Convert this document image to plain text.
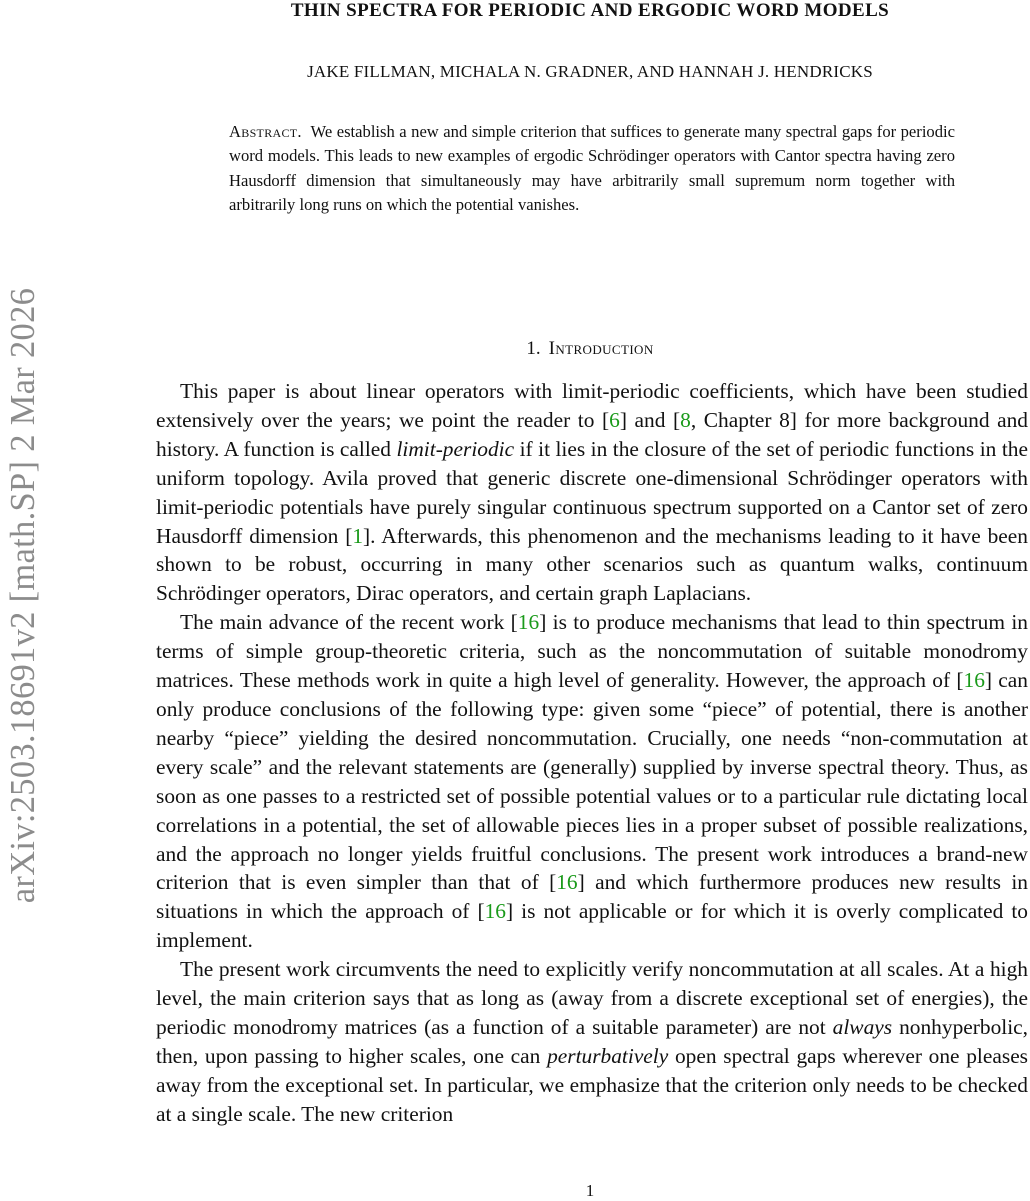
arXiv:2503.18691v2 [math.SP] 2 Mar 2026
THIN SPECTRA FOR PERIODIC AND ERGODIC WORD MODELS
JAKE FILLMAN, MICHALA N. GRADNER, AND HANNAH J. HENDRICKS

Abstract. We establish a new and simple criterion that suffices to generate many spectral gaps for periodic word models. This leads to new examples of ergodic Schrödinger operators with Cantor spectra having zero Hausdorff dimension that simultaneously may have arbitrarily small supremum norm together with arbitrarily long runs on which the potential vanishes.

1. Introduction

This paper is about linear operators with limit-periodic coefficients, which have been studied extensively over the years; we point the reader to [6] and [8, Chapter 8] for more background and history. A function is called limit-periodic if it lies in the closure of the set of periodic functions in the uniform topology. Avila proved that generic discrete one-dimensional Schrödinger operators with limit-periodic potentials have purely singular continuous spectrum supported on a Cantor set of zero Hausdorff dimension [1]. Afterwards, this phenomenon and the mechanisms leading to it have been shown to be robust, occurring in many other scenarios such as quantum walks, continuum Schrödinger operators, Dirac operators, and certain graph Laplacians.

The main advance of the recent work [16] is to produce mechanisms that lead to thin spectrum in terms of simple group-theoretic criteria, such as the noncommutation of suitable monodromy matrices. These methods work in quite a high level of generality. However, the approach of [16] can only produce conclusions of the following type: given some “piece” of potential, there is another nearby “piece” yielding the desired noncommutation. Crucially, one needs “non-commutation at every scale” and the relevant statements are (generally) supplied by inverse spectral theory. Thus, as soon as one passes to a restricted set of possible potential values or to a particular rule dictating local correlations in a potential, the set of allowable pieces lies in a proper subset of possible realizations, and the approach no longer yields fruitful conclusions. The present work introduces a brand-new criterion that is even simpler than that of [16] and which furthermore produces new results in situations in which the approach of [16] is not applicable or for which it is overly complicated to implement.

The present work circumvents the need to explicitly verify noncommutation at all scales. At a high level, the main criterion says that as long as (away from a discrete exceptional set of energies), the periodic monodromy matrices (as a function of a suitable parameter) are not always nonhyperbolic, then, upon passing to higher scales, one can perturbatively open spectral gaps wherever one pleases away from the exceptional set. In particular, we emphasize that the criterion only needs to be checked at a single scale. The new criterion

1
